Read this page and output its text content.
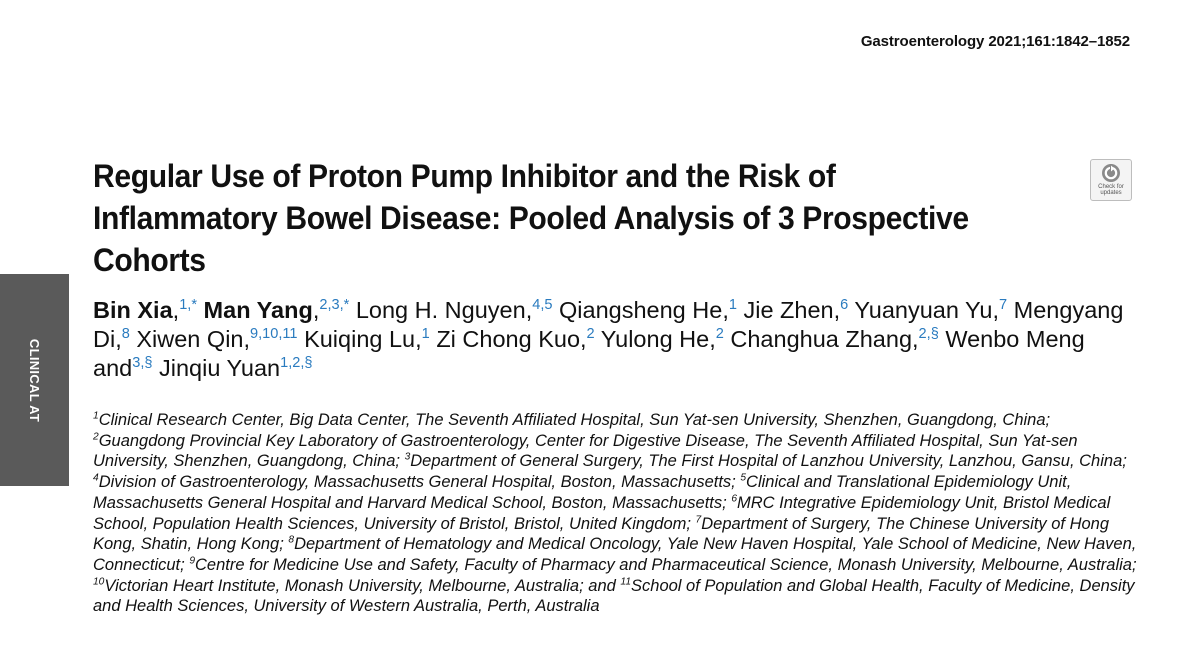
Gastroenterology 2021;161:1842–1852
Regular Use of Proton Pump Inhibitor and the Risk of Inflammatory Bowel Disease: Pooled Analysis of 3 Prospective Cohorts
Check for
updates
CLINICAL AT

Bin Xia,$^{1,*}$ Man Yang,$^{2,3,*}$ Long H. Nguyen,$^{4,5}$ Qiangsheng He,$^1$ Jie Zhen,$^6$ Yuanyuan Yu,$^7$ Mengyang Di,$^8$ Xiwen Qin,$^{9,10,11}$ Kuiqing Lu,$^1$ Zi Chong Kuo,$^2$ Yulong He,$^2$ Changhua Zhang,$^{2,\S}$ Wenbo Meng and$^{3,\S}$ Jinqiu Yuan$^{1,2,\S}$

$^1$Clinical Research Center, Big Data Center, The Seventh Affiliated Hospital, Sun Yat-sen University, Shenzhen, Guangdong, China; $^2$Guangdong Provincial Key Laboratory of Gastroenterology, Center for Digestive Disease, The Seventh Affiliated Hospital, Sun Yat-sen University, Shenzhen, Guangdong, China; $^3$Department of General Surgery, The First Hospital of Lanzhou University, Lanzhou, Gansu, China; $^4$Division of Gastroenterology, Massachusetts General Hospital, Boston, Massachusetts; $^5$Clinical and Translational Epidemiology Unit, Massachusetts General Hospital and Harvard Medical School, Boston, Massachusetts; $^6$MRC Integrative Epidemiology Unit, Bristol Medical School, Population Health Sciences, University of Bristol, Bristol, United Kingdom; $^7$Department of Surgery, The Chinese University of Hong Kong, Shatin, Hong Kong; $^8$Department of Hematology and Medical Oncology, Yale New Haven Hospital, Yale School of Medicine, New Haven, Connecticut; $^9$Centre for Medicine Use and Safety, Faculty of Pharmacy and Pharmaceutical Science, Monash University, Melbourne, Australia; $^{10}$Victorian Heart Institute, Monash University, Melbourne, Australia; and $^{11}$School of Population and Global Health, Faculty of Medicine, Density and Health Sciences, University of Western Australia, Perth, Australia
